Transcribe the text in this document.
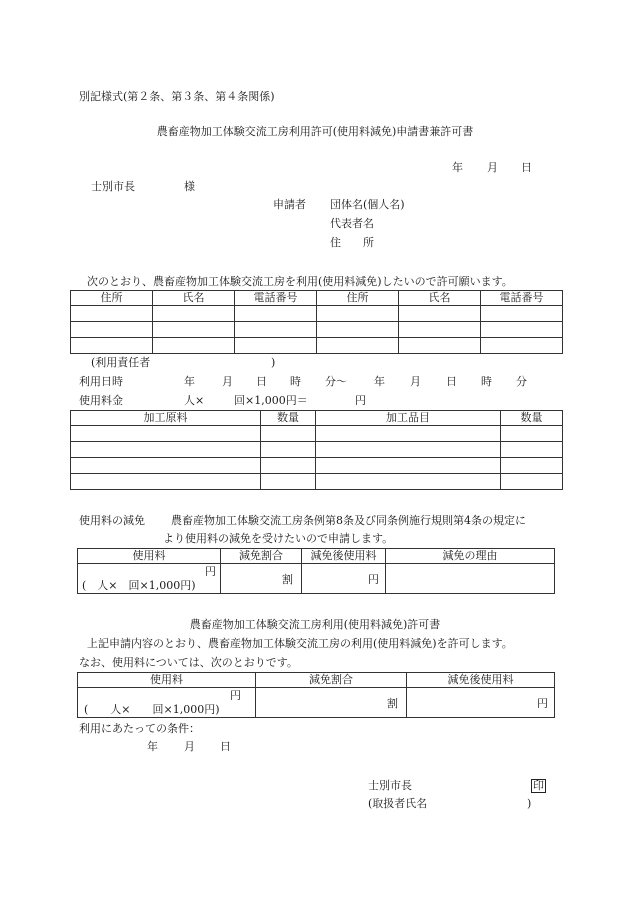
別記様式(第２条、第３条、第４条関係)
農畜産物加工体験交流工房利用許可(使用料減免)申請書兼許可書
年 月 日
士別市長	様
申請者 団体名(個人名)
代表者名
住　　所
次のとおり、農畜産物加工体験交流工房を利用(使用料減免)したいので許可願います。
住所	氏名	電話番号	住所	氏名	電話番号

(利用責任者	)
利用日時	年 月 日 時 分～ 年 月 日 時 分
使用料金	人×	回×1,000円＝	円
加工原料	数量	加工品目	数量

使用料の減免 農畜産物加工体験交流工房条例第8条及び同条例施行規則第4条の規定に
より使用料の減免を受けたいので申請します。
使用料	減免割合	減免後使用料	減免の理由

円
(　人×　回×1,000円)	割	円	
農畜産物加工体験交流工房利用(使用料減免)許可書
上記申請内容のとおり、農畜産物加工体験交流工房の利用(使用料減免)を許可します。
なお、使用料については、次のとおりです。
使用料	減免割合	減免後使用料

円
(　　人×　　回×1,000円)	割	円
利用にあたっての条件：
年 月 日
士別市長	印
(取扱者氏名	)
